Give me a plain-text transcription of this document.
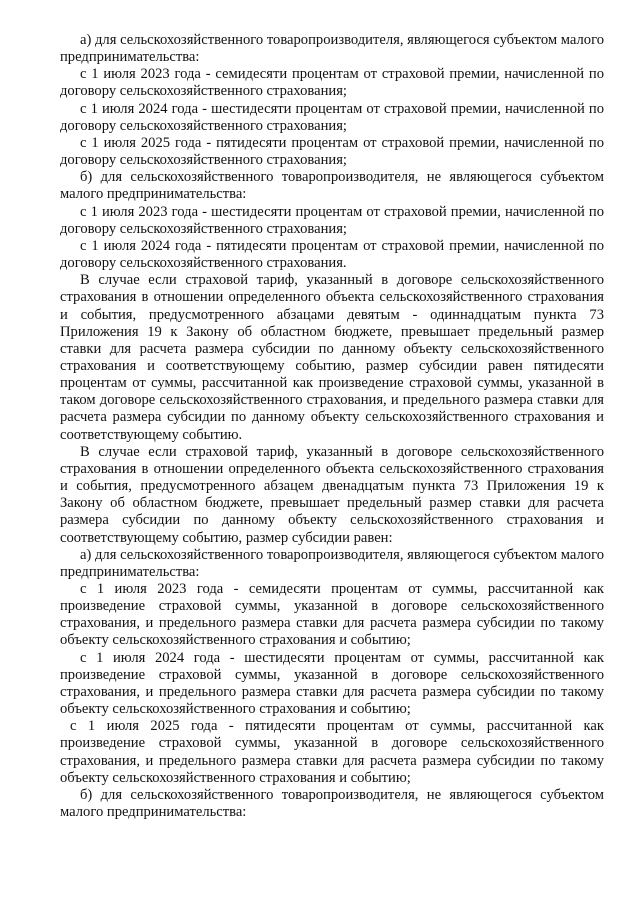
а) для сельскохозяйственного товаропроизводителя, являющегося субъектом малого предпринимательства:

с 1 июля 2023 года - семидесяти процентам от страховой премии, начисленной по договору сельскохозяйственного страхования;

с 1 июля 2024 года - шестидесяти процентам от страховой премии, начисленной по договору сельскохозяйственного страхования;

с 1 июля 2025 года - пятидесяти процентам от страховой премии, начисленной по договору сельскохозяйственного страхования;

б) для сельскохозяйственного товаропроизводителя, не являющегося субъектом малого предпринимательства:

с 1 июля 2023 года - шестидесяти процентам от страховой премии, начисленной по договору сельскохозяйственного страхования;

с 1 июля 2024 года - пятидесяти процентам от страховой премии, начисленной по договору сельскохозяйственного страхования.

В случае если страховой тариф, указанный в договоре сельскохозяйственного страхования в отношении определенного объекта сельскохозяйственного страхования и события, предусмотренного абзацами девятым - одиннадцатым пункта 73 Приложения 19 к Закону об областном бюджете, превышает предельный размер ставки для расчета размера субсидии по данному объекту сельскохозяйственного страхования и соответствующему событию, размер субсидии равен пятидесяти процентам от суммы, рассчитанной как произведение страховой суммы, указанной в таком договоре сельскохозяйственного страхования, и предельного размера ставки для расчета размера субсидии по данному объекту сельскохозяйственного страхования и соответствующему событию.

В случае если страховой тариф, указанный в договоре сельскохозяйственного страхования в отношении определенного объекта сельскохозяйственного страхования и события, предусмотренного абзацем двенадцатым пункта 73 Приложения 19 к Закону об областном бюджете, превышает предельный размер ставки для расчета размера субсидии по данному объекту сельскохозяйственного страхования и соответствующему событию, размер субсидии равен:

а) для сельскохозяйственного товаропроизводителя, являющегося субъектом малого предпринимательства:

с 1 июля 2023 года - семидесяти процентам от суммы, рассчитанной как произведение страховой суммы, указанной в договоре сельскохозяйственного страхования, и предельного размера ставки для расчета размера субсидии по такому объекту сельскохозяйственного страхования и событию;

с 1 июля 2024 года - шестидесяти процентам от суммы, рассчитанной как произведение страховой суммы, указанной в договоре сельскохозяйственного страхования, и предельного размера ставки для расчета размера субсидии по такому объекту сельскохозяйственного страхования и событию;

с 1 июля 2025 года - пятидесяти процентам от суммы, рассчитанной как произведение страховой суммы, указанной в договоре сельскохозяйственного страхования, и предельного размера ставки для расчета размера субсидии по такому объекту сельскохозяйственного страхования и событию;

б) для сельскохозяйственного товаропроизводителя, не являющегося субъектом малого предпринимательства:
